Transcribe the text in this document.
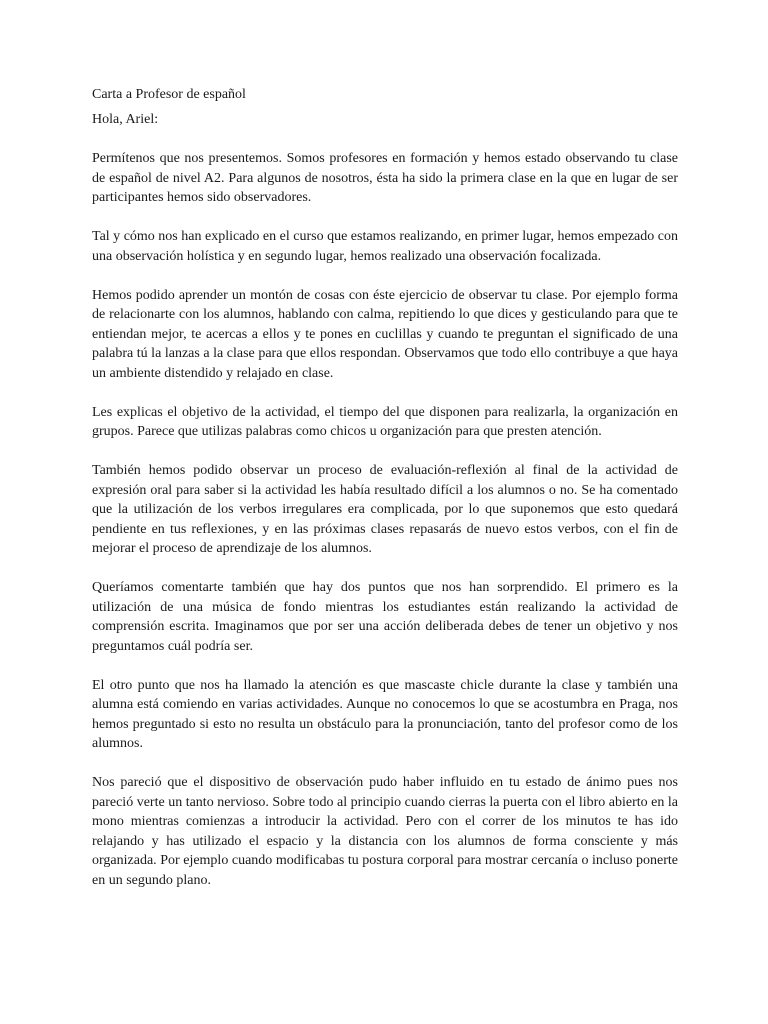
Carta a Profesor de español

Hola, Ariel:

Permítenos que nos presentemos. Somos profesores en formación y hemos estado observando tu clase de español de nivel A2. Para algunos de nosotros, ésta ha sido la primera clase en la que en lugar de ser participantes hemos sido observadores.

Tal y cómo nos han explicado en el curso que estamos realizando, en primer lugar, hemos empezado con una observación holística y en segundo lugar, hemos realizado una observación focalizada.

Hemos podido aprender un montón de cosas con éste ejercicio de observar tu clase. Por ejemplo forma de relacionarte con los alumnos, hablando con calma, repitiendo lo que dices y gesticulando para que te entiendan mejor, te acercas a ellos y te pones en cuclillas y cuando te preguntan el significado de una palabra tú la lanzas a la clase para que ellos respondan. Observamos que todo ello contribuye a que haya un ambiente distendido y relajado en clase.

Les explicas el objetivo de la actividad, el tiempo del que disponen para realizarla, la organización en grupos. Parece que utilizas palabras como chicos u organización para que presten atención.

También hemos podido observar un proceso de evaluación-reflexión al final de la actividad de expresión oral para saber si la actividad les había resultado difícil a los alumnos o no. Se ha comentado que la utilización de los verbos irregulares era complicada, por lo que suponemos que esto quedará pendiente en tus reflexiones, y en las próximas clases repasarás de nuevo estos verbos, con el fin de mejorar el proceso de aprendizaje de los alumnos.

Queríamos comentarte también que hay dos puntos que nos han sorprendido. El primero es la utilización de una música de fondo mientras los estudiantes están realizando la actividad de comprensión escrita. Imaginamos que por ser una acción deliberada debes de tener un objetivo y nos preguntamos cuál podría ser.

El otro punto que nos ha llamado la atención es que mascaste chicle durante la clase y también una alumna está comiendo en varias actividades. Aunque no conocemos lo que se acostumbra en Praga, nos hemos preguntado si esto no resulta un obstáculo para la pronunciación, tanto del profesor como de los alumnos.

Nos pareció que el dispositivo de observación pudo haber influido en tu estado de ánimo pues nos pareció verte un tanto nervioso. Sobre todo al principio cuando cierras la puerta con el libro abierto en la mono mientras comienzas a introducir la actividad. Pero con el correr de los minutos te has ido relajando y has utilizado el espacio y la distancia con los alumnos de forma consciente y más organizada. Por ejemplo cuando modificabas tu postura corporal para mostrar cercanía o incluso ponerte en un segundo plano.
